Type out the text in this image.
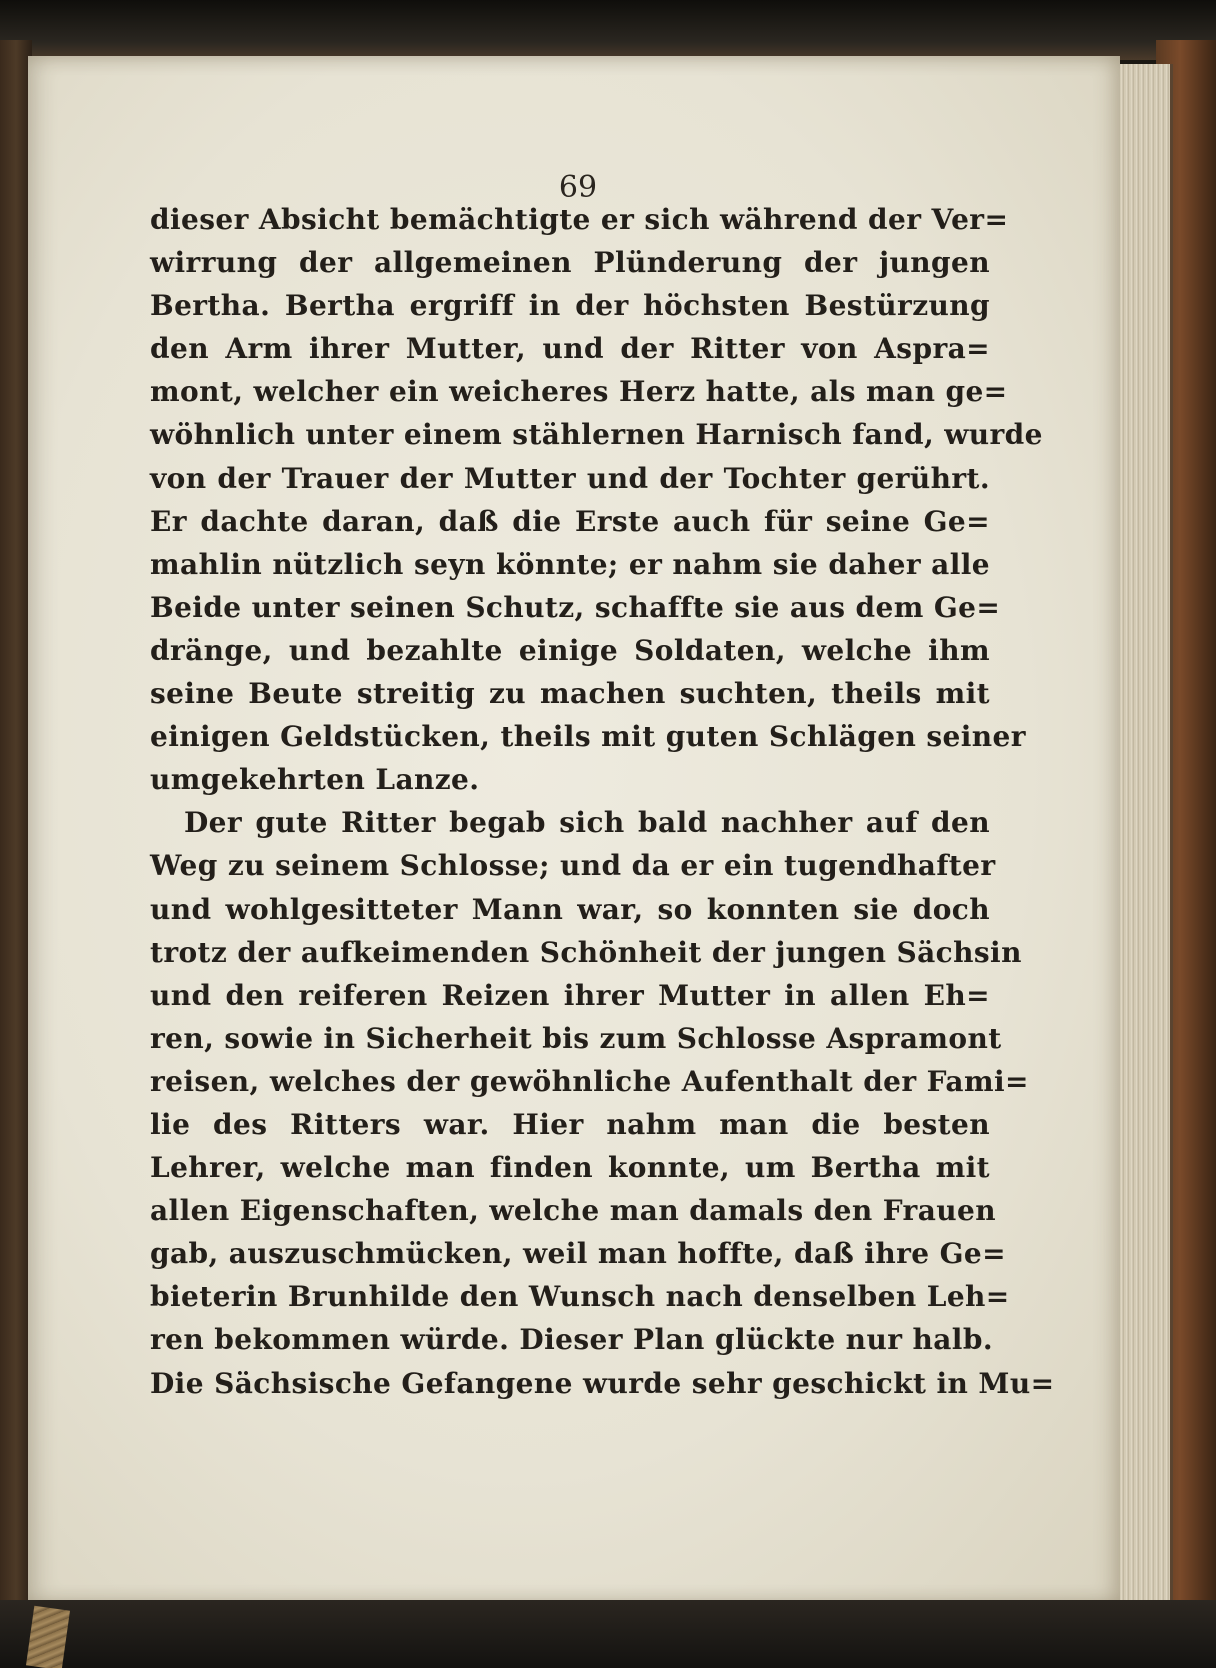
69
dieser Absicht bemächtigte er sich während der Ver=
wirrung der allgemeinen Plünderung der jungen
Bertha. Bertha ergriff in der höchsten Bestürzung
den Arm ihrer Mutter, und der Ritter von Aspra=
mont, welcher ein weicheres Herz hatte, als man ge=
wöhnlich unter einem stählernen Harnisch fand, wurde
von der Trauer der Mutter und der Tochter gerührt.
Er dachte daran, daß die Erste auch für seine Ge=
mahlin nützlich seyn könnte; er nahm sie daher alle
Beide unter seinen Schutz, schaffte sie aus dem Ge=
dränge, und bezahlte einige Soldaten, welche ihm
seine Beute streitig zu machen suchten, theils mit
einigen Geldstücken, theils mit guten Schlägen seiner
umgekehrten Lanze.
Der gute Ritter begab sich bald nachher auf den
Weg zu seinem Schlosse; und da er ein tugendhafter
und wohlgesitteter Mann war, so konnten sie doch
trotz der aufkeimenden Schönheit der jungen Sächsin
und den reiferen Reizen ihrer Mutter in allen Eh=
ren, sowie in Sicherheit bis zum Schlosse Aspramont
reisen, welches der gewöhnliche Aufenthalt der Fami=
lie des Ritters war. Hier nahm man die besten
Lehrer, welche man finden konnte, um Bertha mit
allen Eigenschaften, welche man damals den Frauen
gab, auszuschmücken, weil man hoffte, daß ihre Ge=
bieterin Brunhilde den Wunsch nach denselben Leh=
ren bekommen würde. Dieser Plan glückte nur halb.
Die Sächsische Gefangene wurde sehr geschickt in Mu=
